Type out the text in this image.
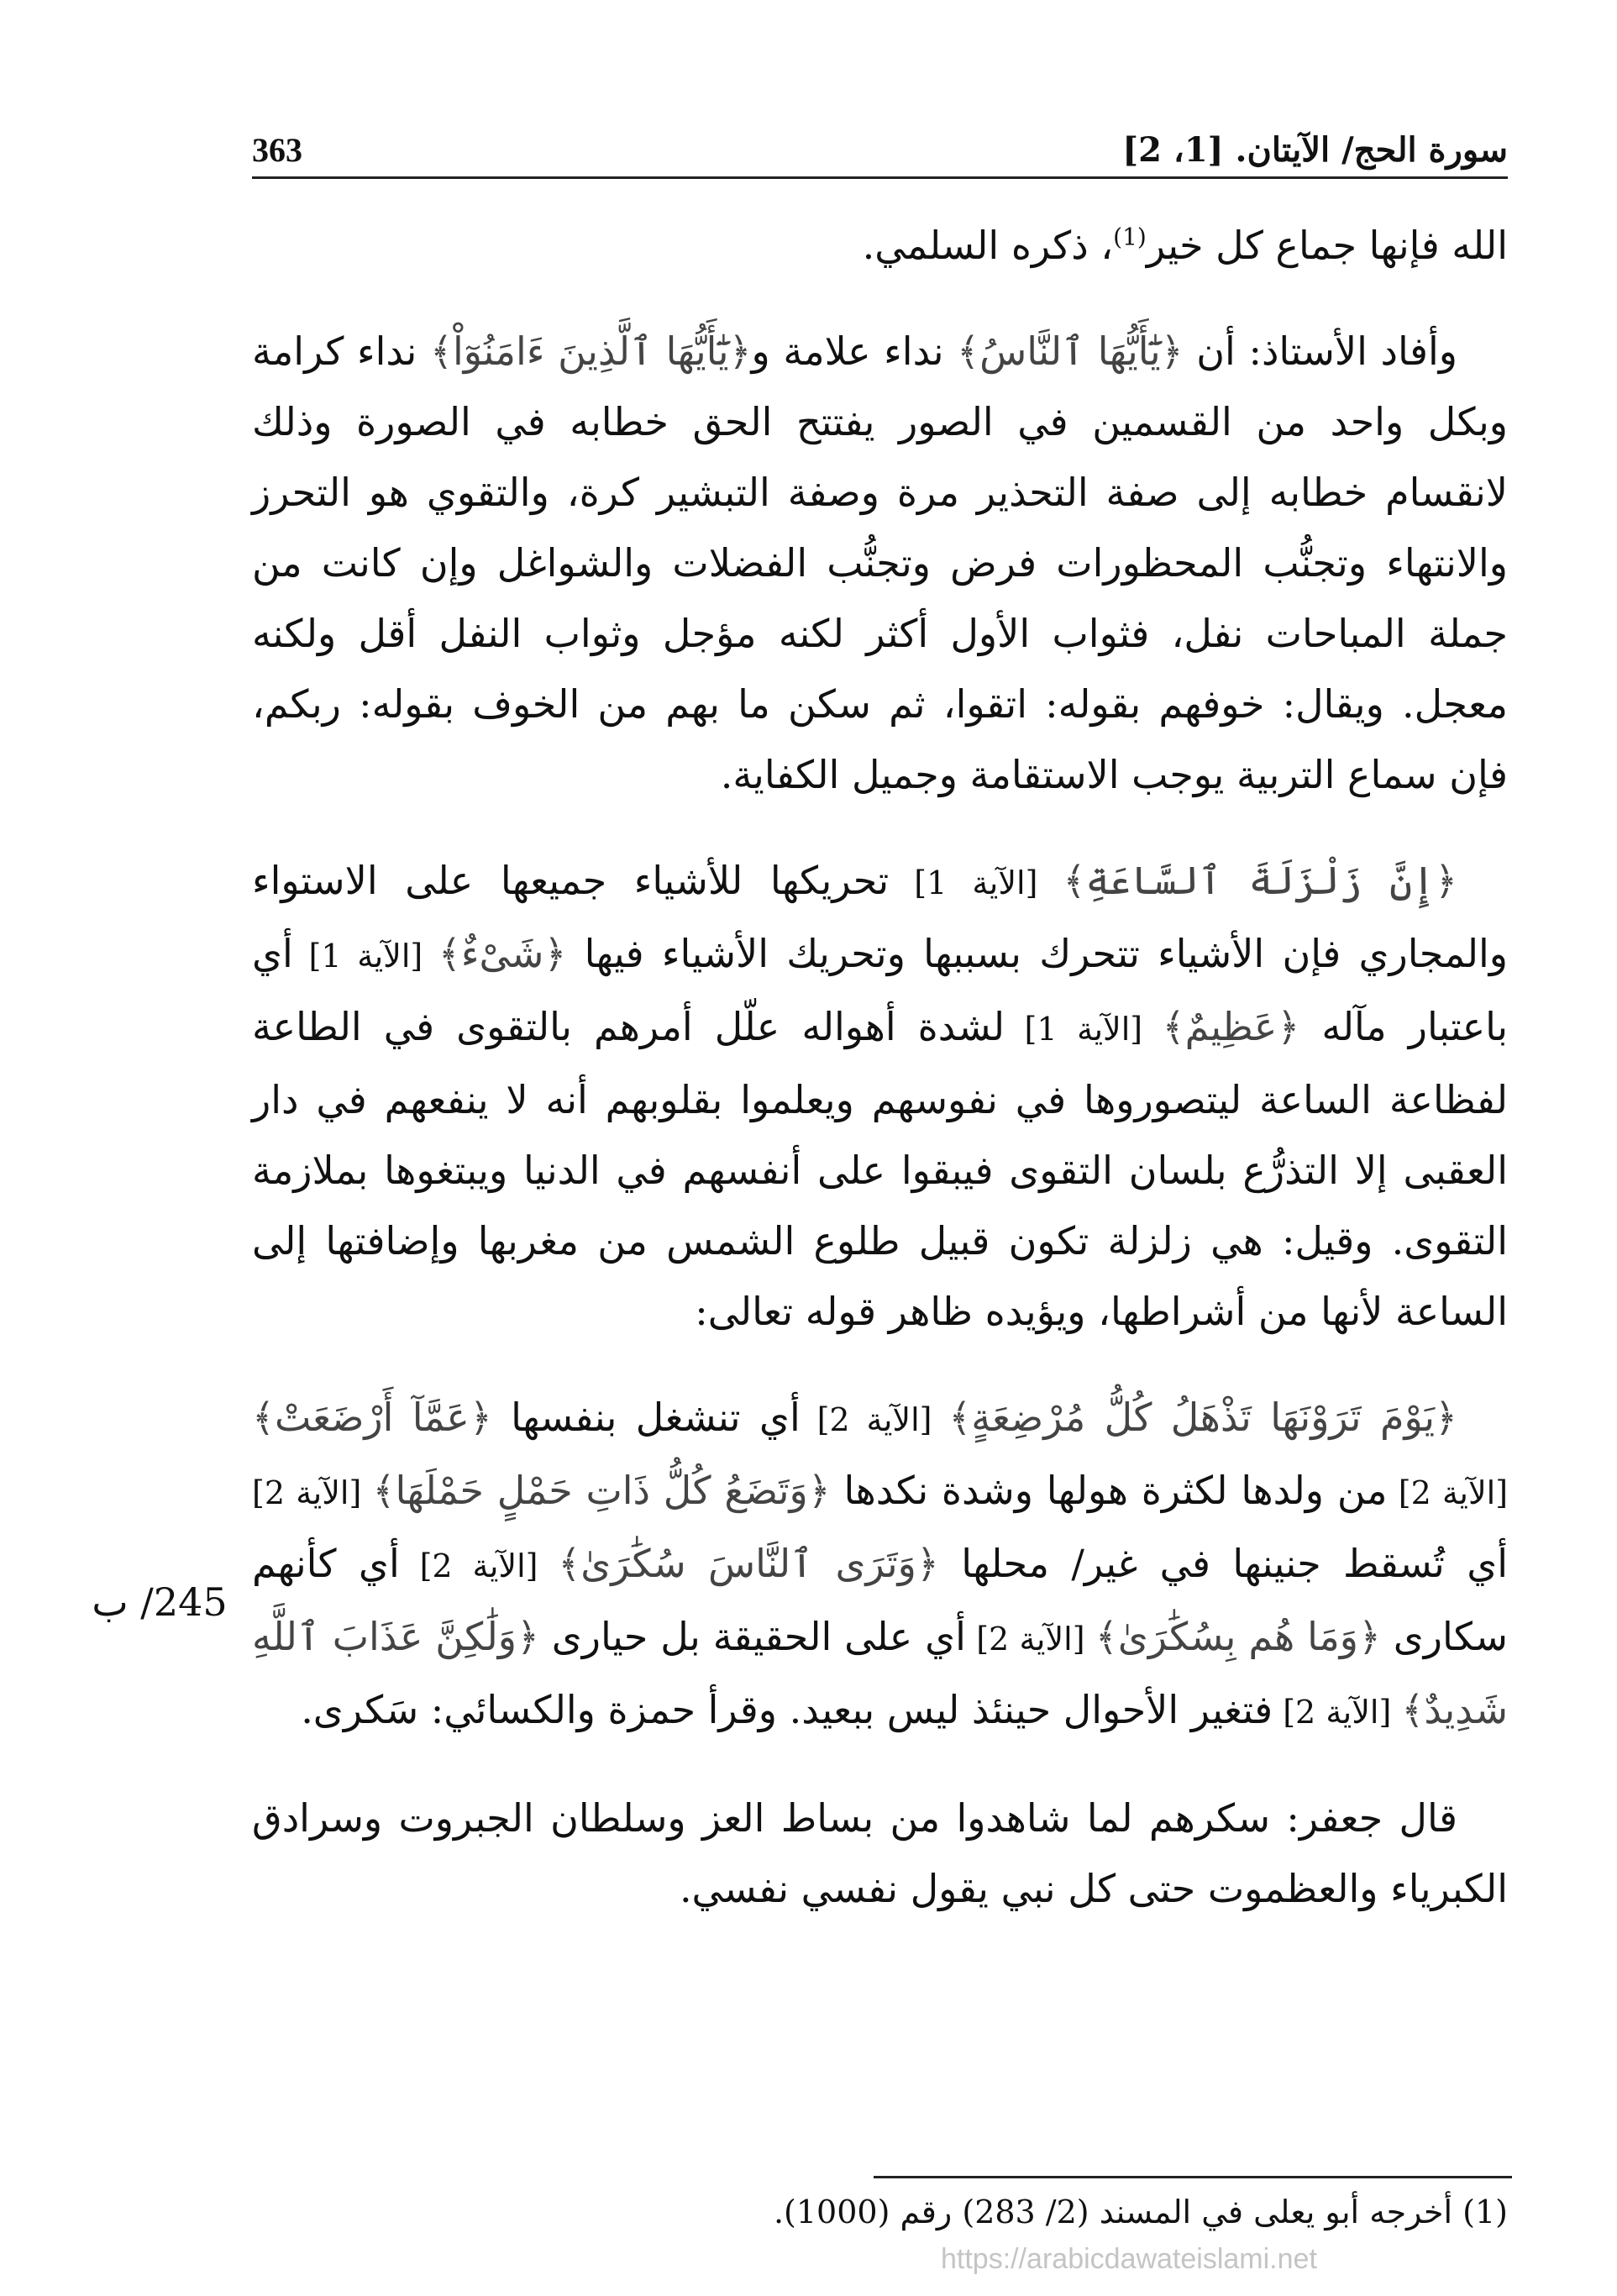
363	سورة الحج/ الآيتان. [1، 2]
245/ ب

الله فإنها جماع كل خير$^{(1)}$، ذكره السلمي.

وأفاد الأستاذ: أن ﴿يَٰٓأَيُّهَا ٱلنَّاسُ﴾ نداء علامة و﴿يَٰٓأَيُّهَا ٱلَّذِينَ ءَامَنُوٓاْ﴾ نداء كرامة وبكل واحد من القسمين في الصور يفتتح الحق خطابه في الصورة وذلك لانقسام خطابه إلى صفة التحذير مرة وصفة التبشير كرة، والتقوي هو التحرز والانتهاء وتجنُّب المحظورات فرض وتجنُّب الفضلات والشواغل وإن كانت من جملة المباحات نفل، فثواب الأول أكثر لكنه مؤجل وثواب النفل أقل ولكنه معجل. ويقال: خوفهم بقوله: اتقوا، ثم سكن ما بهم من الخوف بقوله: ربكم، فإن سماع التربية يوجب الاستقامة وجميل الكفاية.

﴿إِنَّ زَلْزَلَةَ ٱلسَّاعَةِ﴾ [الآية 1] تحريكها للأشياء جميعها على الاستواء والمجاري فإن الأشياء تتحرك بسببها وتحريك الأشياء فيها ﴿شَىْءٌ﴾ [الآية 1] أي باعتبار مآله ﴿عَظِيمٌ﴾ [الآية 1] لشدة أهواله علّل أمرهم بالتقوى في الطاعة لفظاعة الساعة ليتصوروها في نفوسهم ويعلموا بقلوبهم أنه لا ينفعهم في دار العقبى إلا التذرُّع بلسان التقوى فيبقوا على أنفسهم في الدنيا ويبتغوها بملازمة التقوى. وقيل: هي زلزلة تكون قبيل طلوع الشمس من مغربها وإضافتها إلى الساعة لأنها من أشراطها، ويؤيده ظاهر قوله تعالى:

﴿يَوْمَ تَرَوْنَهَا تَذْهَلُ كُلُّ مُرْضِعَةٍ﴾ [الآية 2] أي تنشغل بنفسها ﴿عَمَّآ أَرْضَعَتْ﴾ [الآية 2] من ولدها لكثرة هولها وشدة نكدها ﴿وَتَضَعُ كُلُّ ذَاتِ حَمْلٍ حَمْلَهَا﴾ [الآية 2] أي تُسقط جنينها في غير/ محلها ﴿وَتَرَى ٱلنَّاسَ سُكَٰرَىٰ﴾ [الآية 2] أي كأنهم سكارى ﴿وَمَا هُم بِسُكَٰرَىٰ﴾ [الآية 2] أي على الحقيقة بل حيارى ﴿وَلَٰكِنَّ عَذَابَ ٱللَّهِ شَدِيدٌ﴾ [الآية 2] فتغير الأحوال حينئذ ليس ببعيد. وقرأ حمزة والكسائي: سَكرى.

قال جعفر: سكرهم لما شاهدوا من بساط العز وسلطان الجبروت وسرادق الكبرياء والعظموت حتى كل نبي يقول نفسي نفسي.

(1) أخرجه أبو يعلى في المسند (2/ 283) رقم (1000).
https://arabicdawateislami.net
